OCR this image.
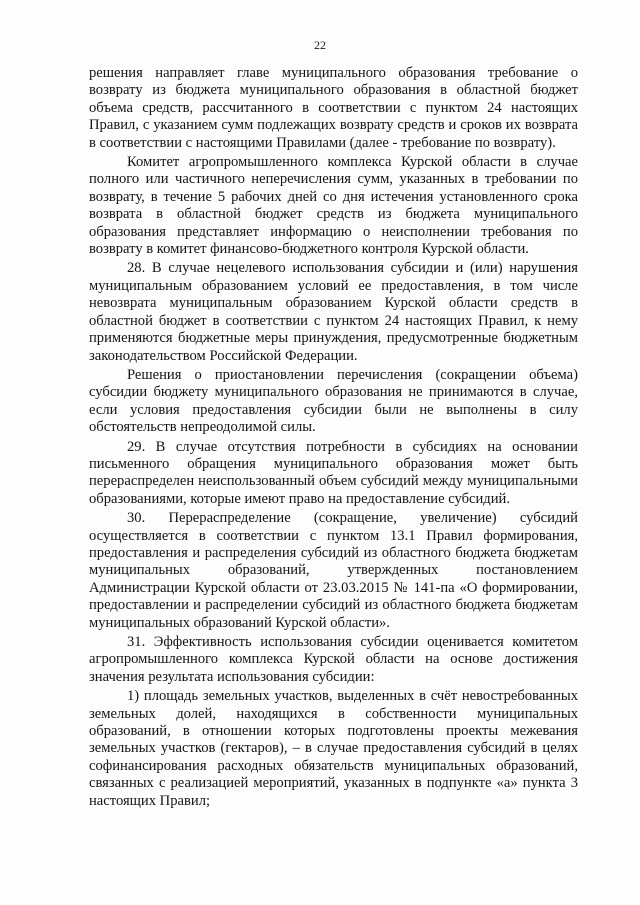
22

решения направляет главе муниципального образования требование о возврату из бюджета муниципального образования в областной бюджет объема средств, рассчитанного в соответствии с пунктом 24 настоящих Правил, с указанием сумм подлежащих возврату средств и сроков их возврата в соответствии с настоящими Правилами (далее - требование по возврату).

Комитет агропромышленного комплекса Курской области в случае полного или частичного неперечисления сумм, указанных в требовании по возврату, в течение 5 рабочих дней со дня истечения установленного срока возврата в областной бюджет средств из бюджета муниципального образования представляет информацию о неисполнении требования по возврату в комитет финансово-бюджетного контроля Курской области.

28. В случае нецелевого использования субсидии и (или) нарушения муниципальным образованием условий ее предоставления, в том числе невозврата муниципальным образованием Курской области средств в областной бюджет в соответствии с пунктом 24 настоящих Правил, к нему применяются бюджетные меры принуждения, предусмотренные бюджетным законодательством Российской Федерации.

Решения о приостановлении перечисления (сокращении объема) субсидии бюджету муниципального образования не принимаются в случае, если условия предоставления субсидии были не выполнены в силу обстоятельств непреодолимой силы.

29. В случае отсутствия потребности в субсидиях на основании письменного обращения муниципального образования может быть перераспределен неиспользованный объем субсидий между муниципальными образованиями, которые имеют право на предоставление субсидий.

30. Перераспределение (сокращение, увеличение) субсидий осуществляется в соответствии с пунктом 13.1 Правил формирования, предоставления и распределения субсидий из областного бюджета бюджетам муниципальных образований, утвержденных постановлением Администрации Курской области от 23.03.2015 № 141-па «О формировании, предоставлении и распределении субсидий из областного бюджета бюджетам муниципальных образований Курской области».

31. Эффективность использования субсидии оценивается комитетом агропромышленного комплекса Курской области на основе достижения значения результата использования субсидии:

1) площадь земельных участков, выделенных в счёт невостребованных земельных долей, находящихся в собственности муниципальных образований, в отношении которых подготовлены проекты межевания земельных участков (гектаров), – в случае предоставления субсидий в целях софинансирования расходных обязательств муниципальных образований, связанных с реализацией мероприятий, указанных в подпункте «а» пункта 3 настоящих Правил;
